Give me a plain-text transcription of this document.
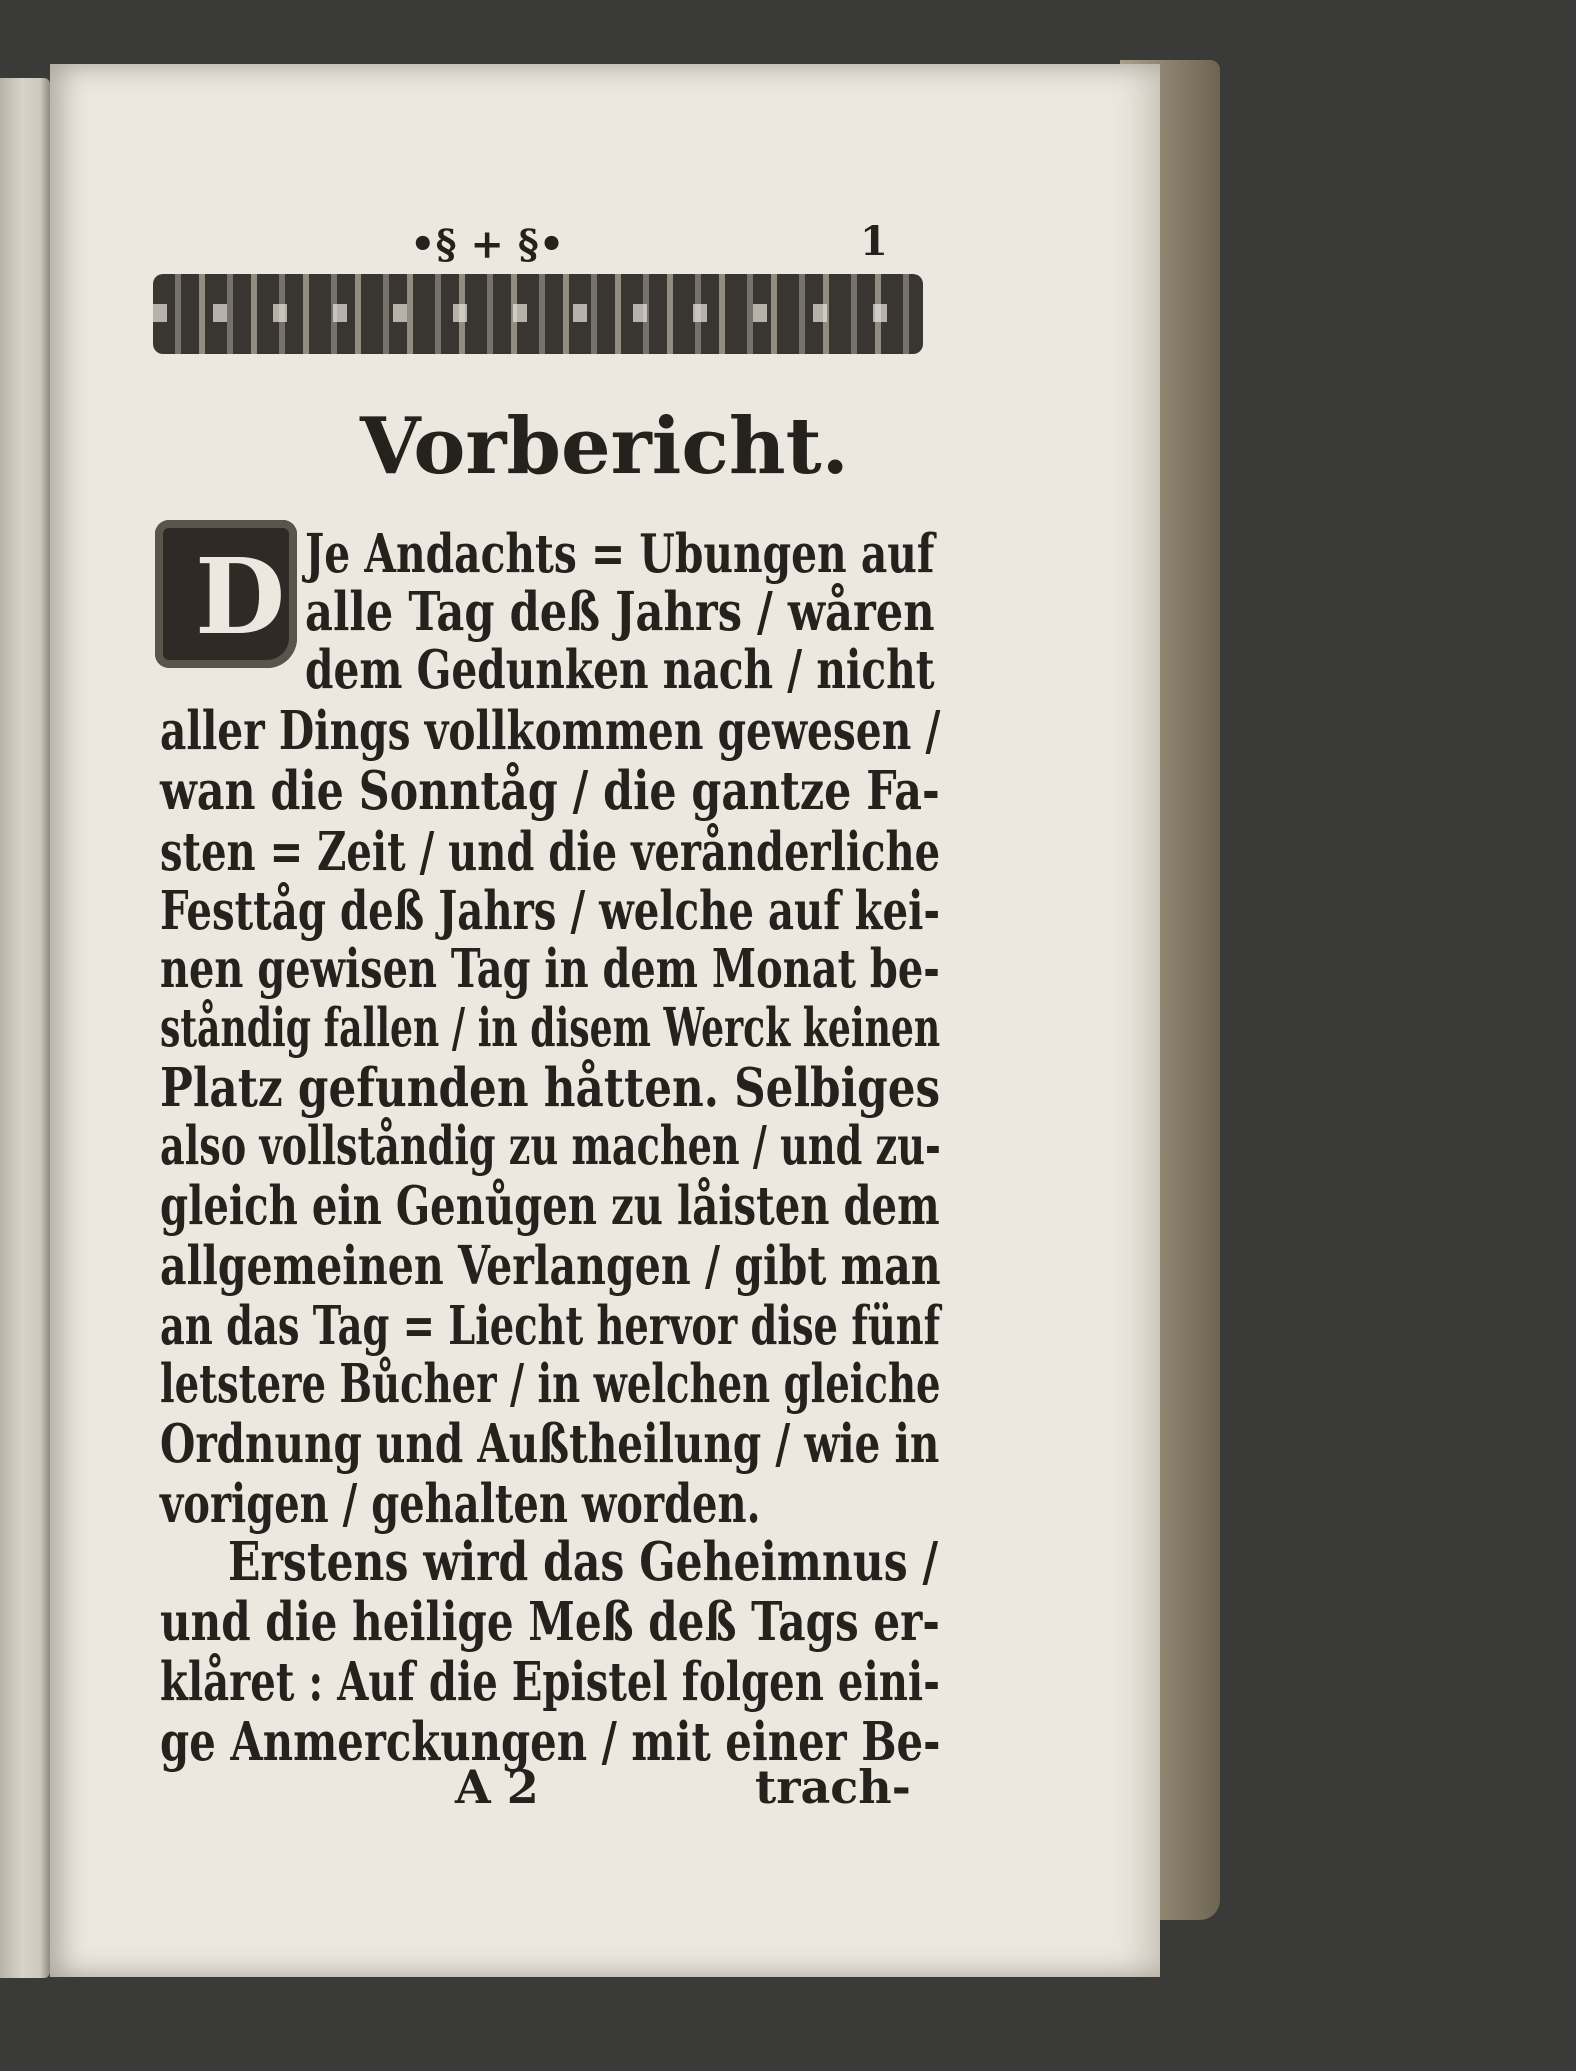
•§ + §•	1
Vorbericht.
D Je Andachts = Ubungen auf
alle Tag deß Jahrs / wåren
dem Gedunken nach / nicht
aller Dings vollkommen gewesen /
wan die Sonntåg / die gantze Fa-
sten = Zeit / und die verånderliche
Festtåg deß Jahrs / welche auf kei-
nen gewisen Tag in dem Monat be-
ståndig fallen / in disem Werck keinen
Platz gefunden håtten. Selbiges
also vollståndig zu machen / und zu-
gleich ein Genůgen zu låisten dem
allgemeinen Verlangen / gibt man
an das Tag = Liecht hervor dise fünf
letstere Bůcher / in welchen gleiche
Ordnung und Außtheilung / wie in
vorigen / gehalten worden.
Erstens wird das Geheimnus /
und die heilige Meß deß Tags er-
klåret : Auf die Epistel folgen eini-
ge Anmerckungen / mit einer Be-
A 2	trach-
